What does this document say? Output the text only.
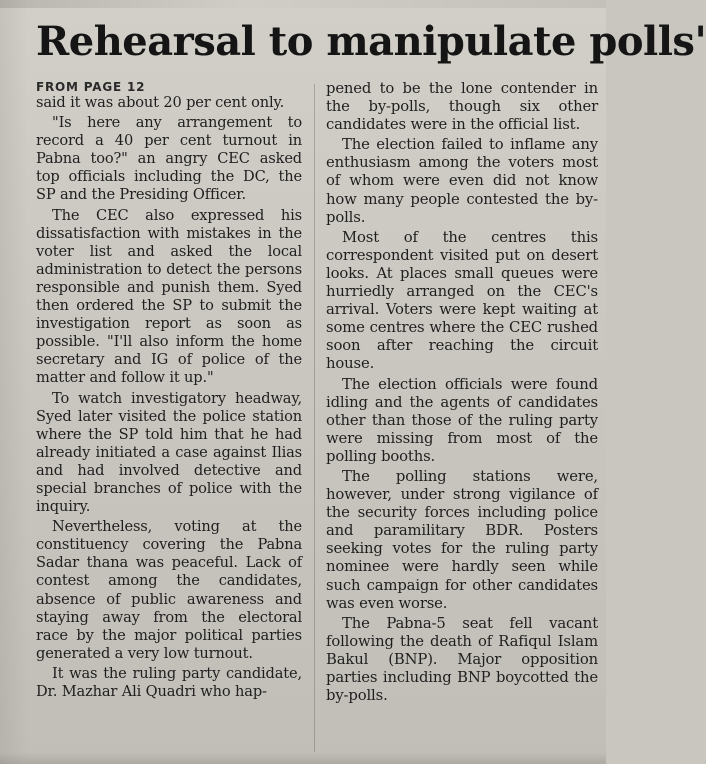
Rehearsal to manipulate polls'
FROM PAGE 12

said it was about 20 per cent only.

"Is here any arrangement to record a 40 per cent turnout in Pabna too?" an angry CEC asked top officials including the DC, the SP and the Presiding Officer.

The CEC also expressed his dissatisfaction with mistakes in the voter list and asked the local administration to detect the persons responsible and punish them. Syed then ordered the SP to submit the investigation report as soon as possible. "I'll also inform the home secretary and IG of police of the matter and follow it up."

To watch investigatory headway, Syed later visited the police station where the SP told him that he had already initiated a case against Ilias and had involved detective and special branches of police with the inquiry.

Nevertheless, voting at the constituency covering the Pabna Sadar thana was peaceful. Lack of contest among the candidates, absence of public awareness and staying away from the electoral race by the major political parties generated a very low turnout.

It was the ruling party candidate, Dr. Mazhar Ali Quadri who hap-

pened to be the lone contender in the by-polls, though six other candidates were in the official list.

The election failed to inflame any enthusiasm among the voters most of whom were even did not know how many people contested the by-polls.

Most of the centres this correspondent visited put on desert looks. At places small queues were hurriedly arranged on the CEC's arrival. Voters were kept waiting at some centres where the CEC rushed soon after reaching the circuit house.

The election officials were found idling and the agents of candidates other than those of the ruling party were missing from most of the polling booths.

The polling stations were, however, under strong vigilance of the security forces including police and paramilitary BDR. Posters seeking votes for the ruling party nominee were hardly seen while such campaign for other candidates was even worse.

The Pabna-5 seat fell vacant following the death of Rafiqul Islam Bakul (BNP). Major opposition parties including BNP boycotted the by-polls.
